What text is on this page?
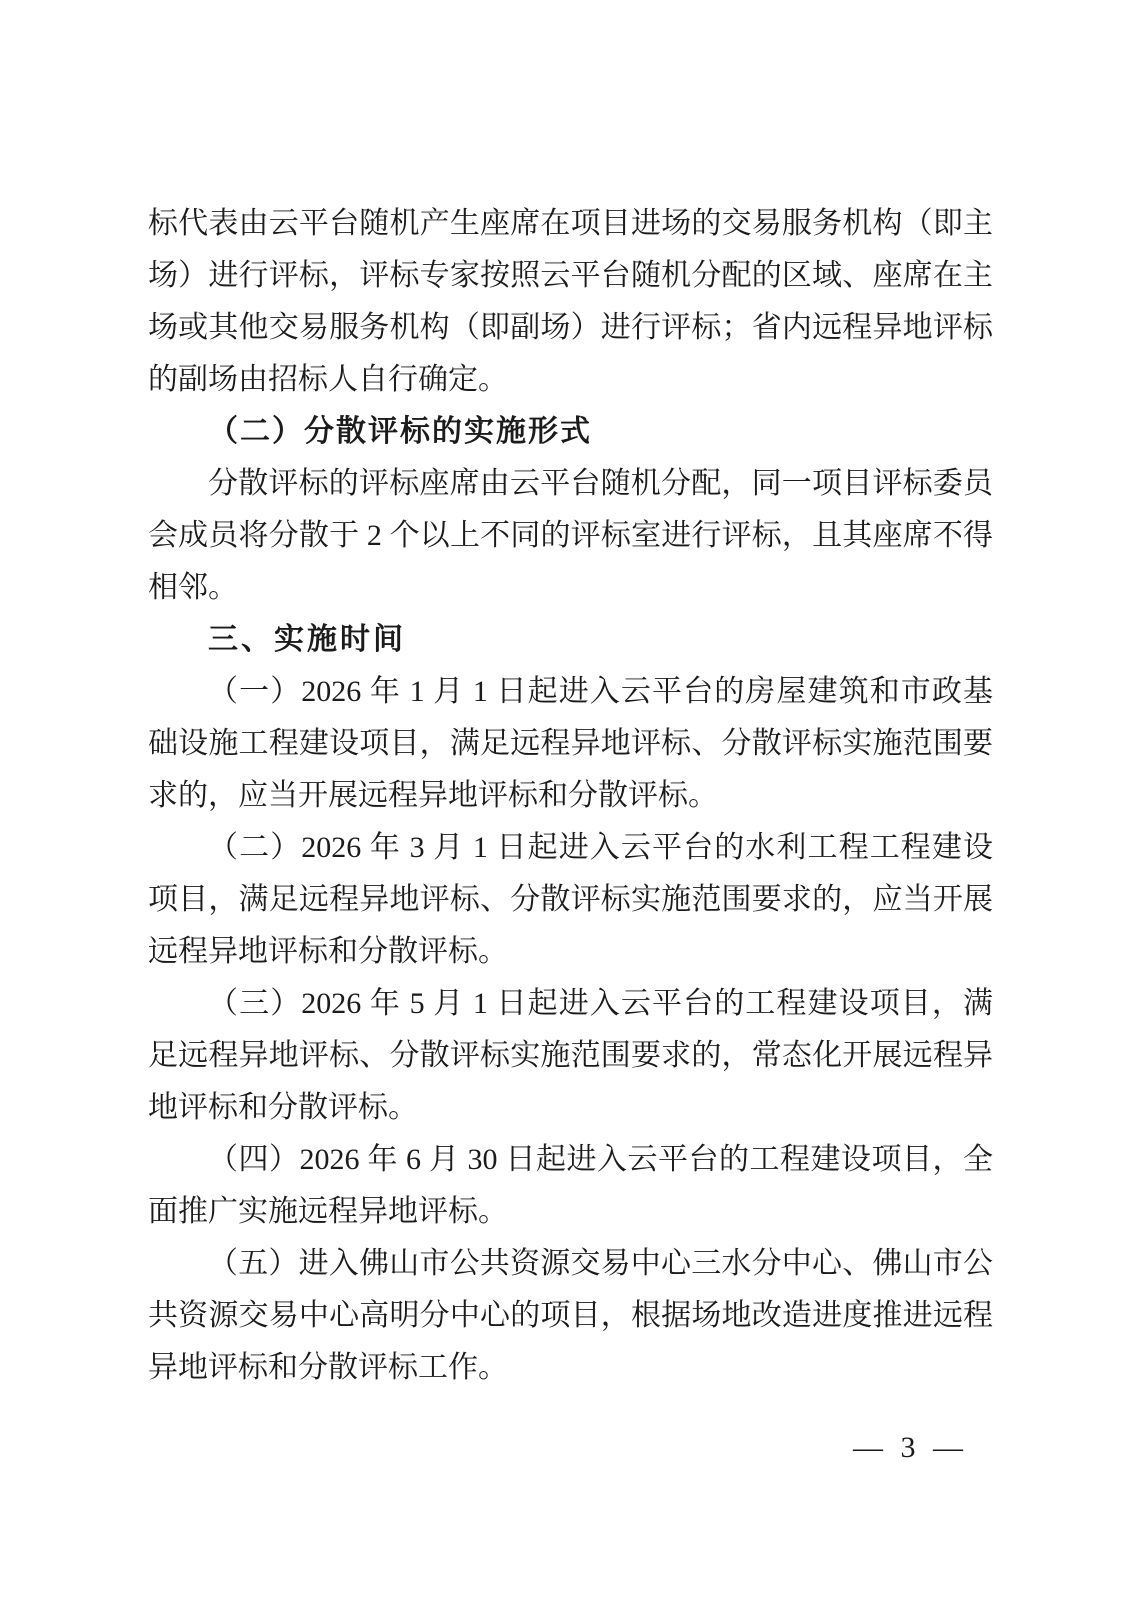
标代表由云平台随机产生座席在项目进场的交易服务机构（即主
场）进行评标，评标专家按照云平台随机分配的区域、座席在主
场或其他交易服务机构（即副场）进行评标；省内远程异地评标
的副场由招标人自行确定。
（二）分散评标的实施形式
分散评标的评标座席由云平台随机分配，同一项目评标委员
会成员将分散于 2 个以上不同的评标室进行评标，且其座席不得
相邻。
三、实施时间
（一）2026 年 1 月 1 日起进入云平台的房屋建筑和市政基
础设施工程建设项目，满足远程异地评标、分散评标实施范围要
求的，应当开展远程异地评标和分散评标。
（二）2026 年 3 月 1 日起进入云平台的水利工程工程建设
项目，满足远程异地评标、分散评标实施范围要求的，应当开展
远程异地评标和分散评标。
（三）2026 年 5 月 1 日起进入云平台的工程建设项目，满
足远程异地评标、分散评标实施范围要求的，常态化开展远程异
地评标和分散评标。
（四）2026 年 6 月 30 日起进入云平台的工程建设项目，全
面推广实施远程异地评标。
（五）进入佛山市公共资源交易中心三水分中心、佛山市公
共资源交易中心高明分中心的项目，根据场地改造进度推进远程
异地评标和分散评标工作。
— 3 —
